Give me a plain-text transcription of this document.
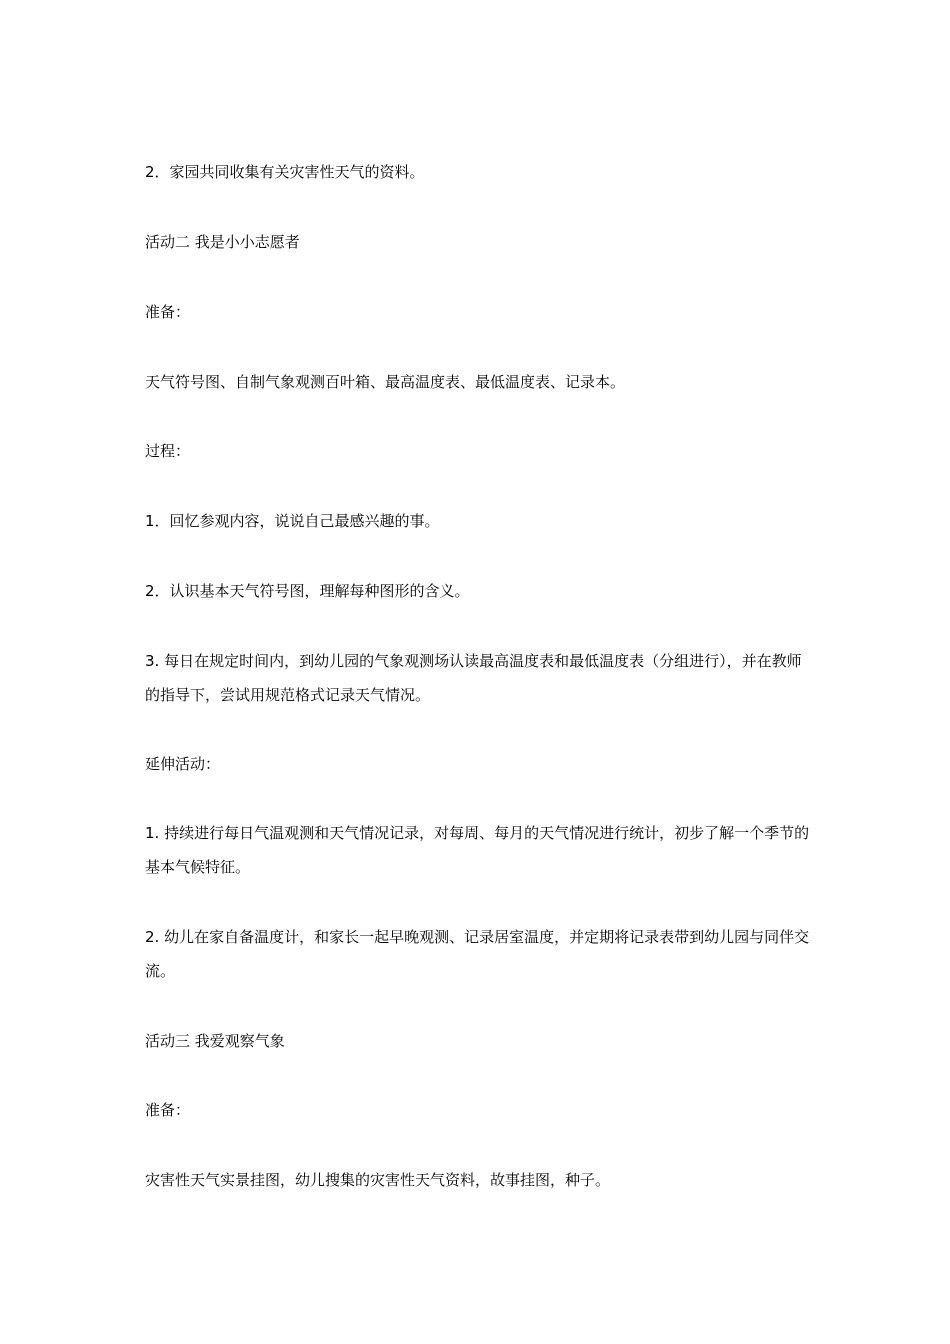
2．家园共同收集有关灾害性天气的资料。

活动二 我是小小志愿者

准备：

天气符号图、自制气象观测百叶箱、最高温度表、最低温度表、记录本。

过程：

1．回忆参观内容，说说自己最感兴趣的事。

2．认识基本天气符号图，理解每种图形的含义。

3. 每日在规定时间内，到幼儿园的气象观测场认读最高温度表和最低温度表（分组进行），并在教师的指导下，尝试用规范格式记录天气情况。

延伸活动：

1. 持续进行每日气温观测和天气情况记录，对每周、每月的天气情况进行统计，初步了解一个季节的基本气候特征。

2. 幼儿在家自备温度计，和家长一起早晚观测、记录居室温度，并定期将记录表带到幼儿园与同伴交流。

活动三 我爱观察气象

准备：

灾害性天气实景挂图，幼儿搜集的灾害性天气资料，故事挂图，种子。
